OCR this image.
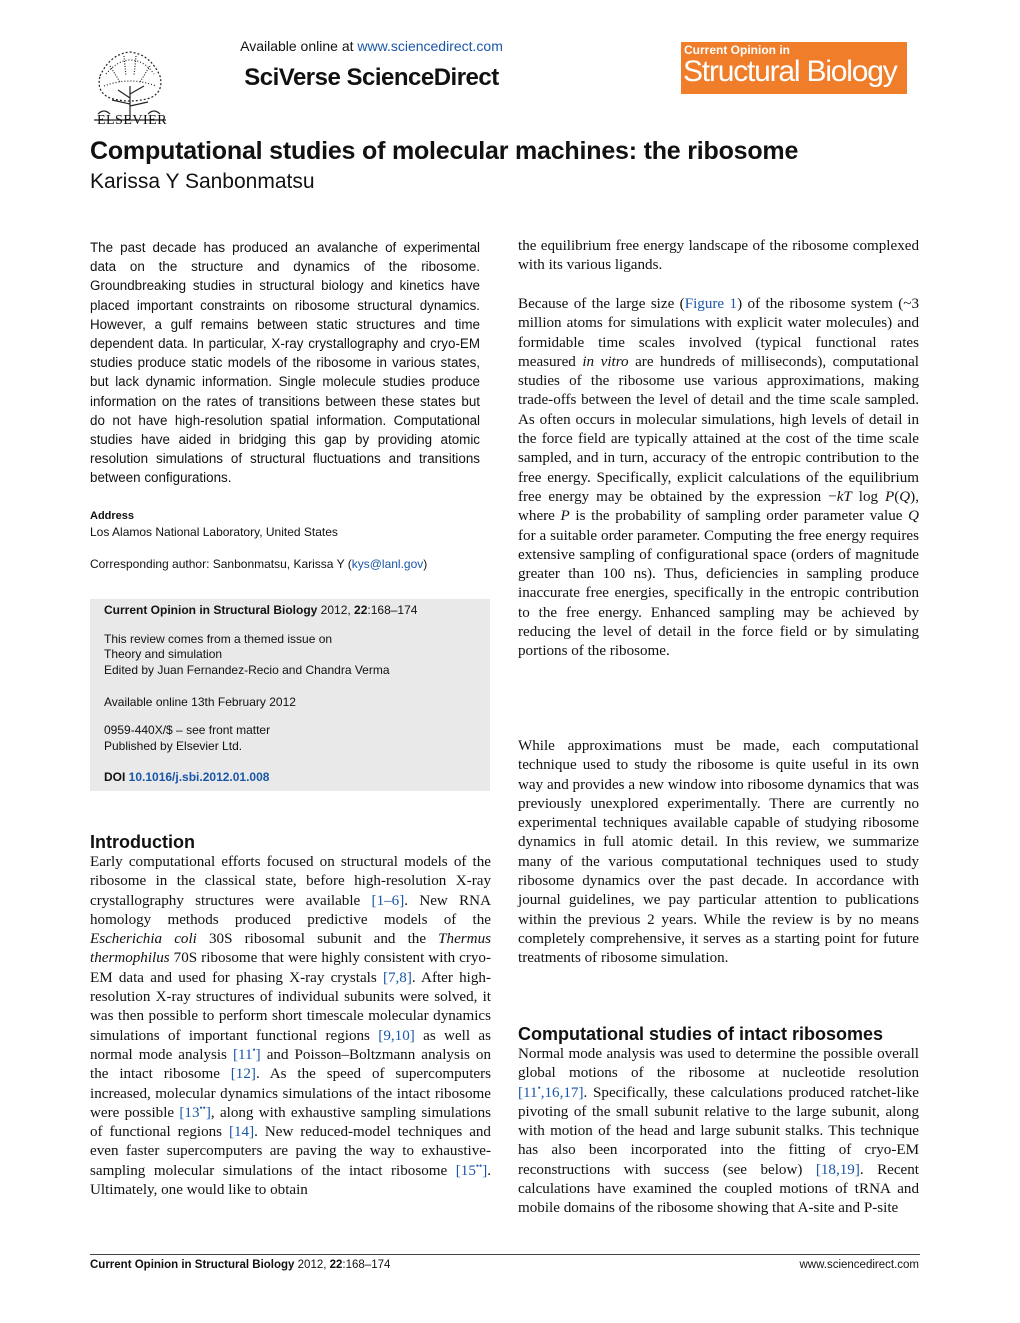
ELSEVIER
Available online at www.sciencedirect.com
SciVerse ScienceDirect
Current Opinion in
Structural Biology
Computational studies of molecular machines: the ribosome
Karissa Y Sanbonmatsu
The past decade has produced an avalanche of experimental data on the structure and dynamics of the ribosome. Groundbreaking studies in structural biology and kinetics have placed important constraints on ribosome structural dynamics. However, a gulf remains between static structures and time dependent data. In particular, X-ray crystallography and cryo-EM studies produce static models of the ribosome in various states, but lack dynamic information. Single molecule studies produce information on the rates of transitions between these states but do not have high-resolution spatial information. Computational studies have aided in bridging this gap by providing atomic resolution simulations of structural fluctuations and transitions between configurations.
Address
Los Alamos National Laboratory, United States
Corresponding author: Sanbonmatsu, Karissa Y (kys@lanl.gov)
Current Opinion in Structural Biology 2012, 22:168–174
This review comes from a themed issue on
Theory and simulation
Edited by Juan Fernandez-Recio and Chandra Verma
Available online 13th February 2012
0959-440X/$ – see front matter
Published by Elsevier Ltd.
DOI 10.1016/j.sbi.2012.01.008
Introduction
Early computational efforts focused on structural models of the ribosome in the classical state, before high-resolution X-ray crystallography structures were available [1–6]. New RNA homology methods produced predictive models of the Escherichia coli 30S ribosomal subunit and the Thermus thermophilus 70S ribosome that were highly consistent with cryo-EM data and used for phasing X-ray crystals [7,8]. After high-resolution X-ray structures of individual subunits were solved, it was then possible to perform short timescale molecular dynamics simulations of important functional regions [9,10] as well as normal mode analysis [11•] and Poisson–Boltzmann analysis on the intact ribosome [12]. As the speed of supercomputers increased, molecular dynamics simulations of the intact ribosome were possible [13••], along with exhaustive sampling simulations of functional regions [14]. New reduced-model techniques and even faster supercomputers are paving the way to exhaustive-sampling molecular simulations of the intact ribosome [15••]. Ultimately, one would like to obtain
the equilibrium free energy landscape of the ribosome complexed with its various ligands.
Because of the large size (Figure 1) of the ribosome system (~3 million atoms for simulations with explicit water molecules) and formidable time scales involved (typical functional rates measured in vitro are hundreds of milliseconds), computational studies of the ribosome use various approximations, making trade-offs between the level of detail and the time scale sampled. As often occurs in molecular simulations, high levels of detail in the force field are typically attained at the cost of the time scale sampled, and in turn, accuracy of the entropic contribution to the free energy. Specifically, explicit calculations of the equilibrium free energy may be obtained by the expression −kT log P(Q), where P is the probability of sampling order parameter value Q for a suitable order parameter. Computing the free energy requires extensive sampling of configurational space (orders of magnitude greater than 100 ns). Thus, deficiencies in sampling produce inaccurate free energies, specifically in the entropic contribution to the free energy. Enhanced sampling may be achieved by reducing the level of detail in the force field or by simulating portions of the ribosome.
While approximations must be made, each computational technique used to study the ribosome is quite useful in its own way and provides a new window into ribosome dynamics that was previously unexplored experimentally. There are currently no experimental techniques available capable of studying ribosome dynamics in full atomic detail. In this review, we summarize many of the various computational techniques used to study ribosome dynamics over the past decade. In accordance with journal guidelines, we pay particular attention to publications within the previous 2 years. While the review is by no means completely comprehensive, it serves as a starting point for future treatments of ribosome simulation.
Computational studies of intact ribosomes
Normal mode analysis was used to determine the possible overall global motions of the ribosome at nucleotide resolution [11•,16,17]. Specifically, these calculations produced ratchet-like pivoting of the small subunit relative to the large subunit, along with motion of the head and large subunit stalks. This technique has also been incorporated into the fitting of cryo-EM reconstructions with success (see below) [18,19]. Recent calculations have examined the coupled motions of tRNA and mobile domains of the ribosome showing that A-site and P-site
Current Opinion in Structural Biology 2012, 22:168–174	www.sciencedirect.com
